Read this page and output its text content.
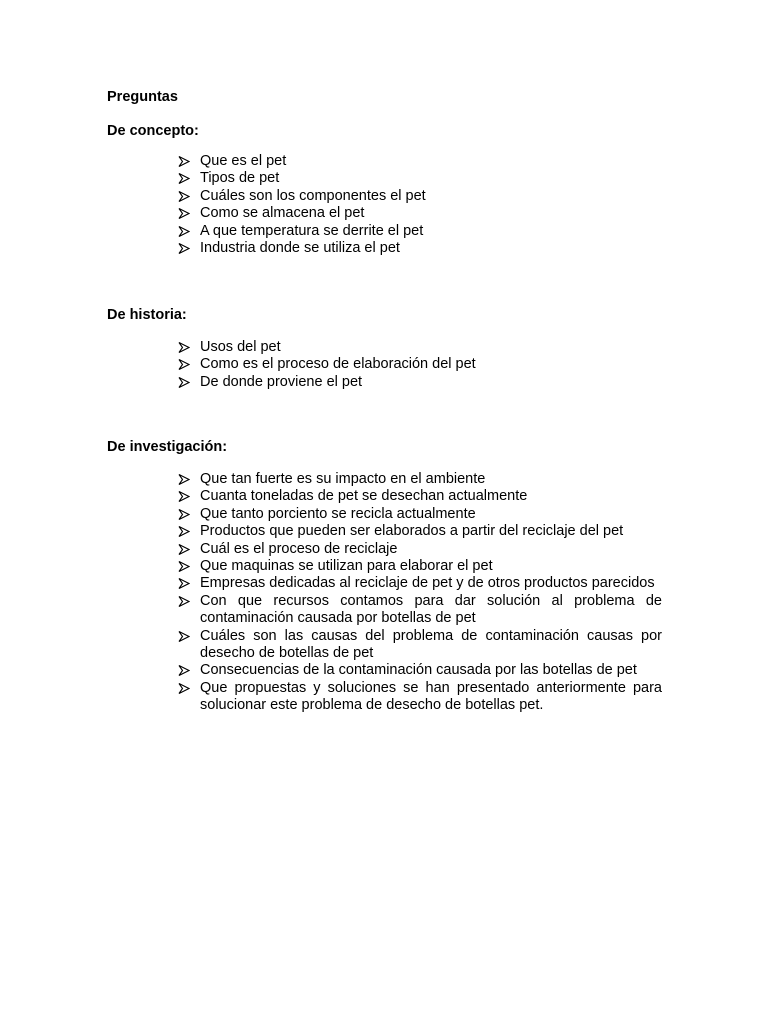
Preguntas

De concepto:

Que es el pet
Tipos de pet
Cuáles son los componentes el pet
Como se almacena el pet
A que temperatura se derrite el pet
Industria donde se utiliza el pet

De historia:

Usos del pet
Como es el proceso de elaboración del pet
De donde proviene el pet

De investigación:

Que tan fuerte es su impacto en el ambiente
Cuanta toneladas de pet se desechan actualmente
Que tanto porciento se recicla actualmente
Productos que pueden ser elaborados a partir del reciclaje del pet
Cuál es el proceso de reciclaje
Que maquinas se utilizan para elaborar el pet
Empresas dedicadas al reciclaje de pet y de otros productos parecidos
Con que recursos contamos para dar solución al problema de contaminación causada por botellas de pet
Cuáles son las causas del problema de contaminación causas por desecho de botellas de pet
Consecuencias de la contaminación causada por las botellas de pet
Que propuestas y soluciones se han presentado anteriormente para solucionar este problema de desecho de botellas pet.
